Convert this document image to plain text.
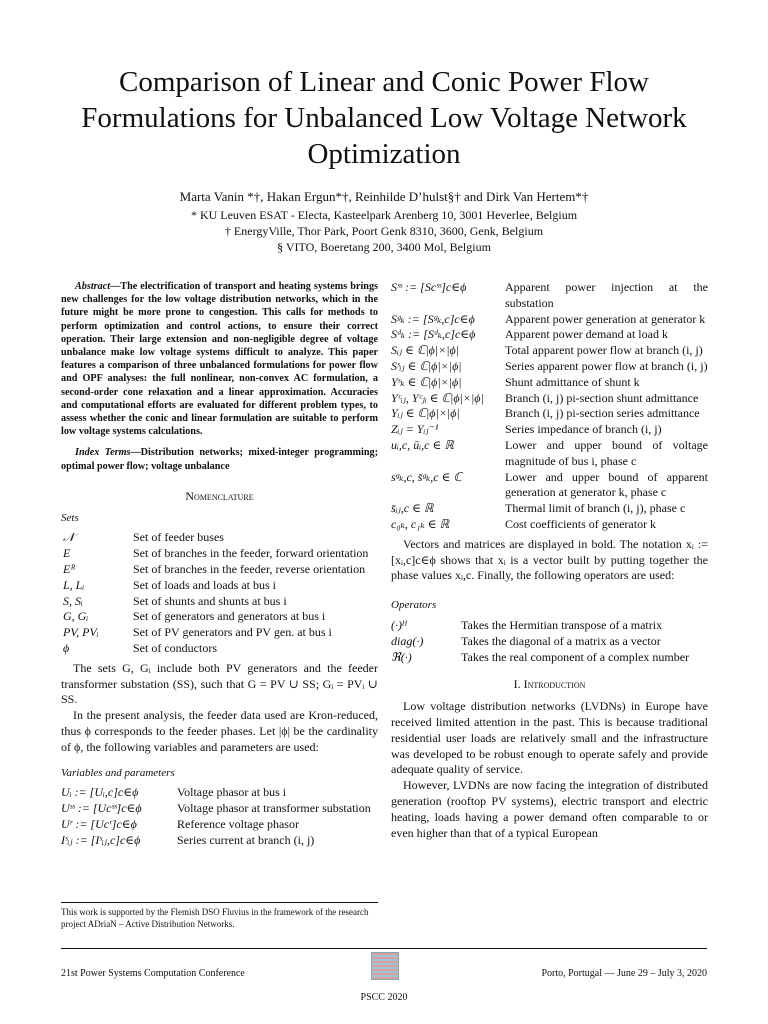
Comparison of Linear and Conic Power Flow Formulations for Unbalanced Low Voltage Network Optimization
Marta Vanin *†, Hakan Ergun*†, Reinhilde D’hulst§† and Dirk Van Hertem*†
* KU Leuven ESAT - Electa, Kasteelpark Arenberg 10, 3001 Heverlee, Belgium
† EnergyVille, Thor Park, Poort Genk 8310, 3600, Genk, Belgium
§ VITO, Boeretang 200, 3400 Mol, Belgium

Abstract—The electrification of transport and heating systems brings new challenges for the low voltage distribution networks, which in the future might be more prone to congestion. This calls for methods to perform optimization and control actions, to ensure their correct operation. Their large extension and non-negligible degree of voltage unbalance make low voltage systems difficult to analyze. This paper features a comparison of three unbalanced formulations for power flow and OPF analyses: the full nonlinear, non-convex AC formulation, a second-order cone relaxation and a linear approximation. Accuracies and computational efforts are evaluated for different problem types, to assess whether the conic and linear formulation are suitable to perform low voltage systems calculations.

Index Terms—Distribution networks; mixed-integer programming; optimal power flow; voltage unbalance

Nomenclature
Sets
𝒩	Set of feeder buses
E	Set of branches in the feeder, forward orientation
Eᴿ	Set of branches in the feeder, reverse orientation
L, Lᵢ	Set of loads and loads at bus i
S, Sᵢ	Set of shunts and shunts at bus i
G, Gᵢ	Set of generators and generators at bus i
PV, PVᵢ	Set of PV generators and PV gen. at bus i
ϕ	Set of conductors

The sets G, Gᵢ include both PV generators and the feeder transformer substation (SS), such that G = PV ∪ SS; Gᵢ = PVᵢ ∪ SS.

In the present analysis, the feeder data used are Kron-reduced, thus ϕ corresponds to the feeder phases. Let |ϕ| be the cardinality of ϕ, the following variables and parameters are used:

Variables and parameters
Uᵢ := [Uᵢ,c]c∈ϕ	Voltage phasor at bus i
Uˢˢ := [Ucˢˢ]c∈ϕ	Voltage phasor at transformer substation
Uʳ := [Ucʳ]c∈ϕ	Reference voltage phasor
Iˢᵢⱼ := [Iˢᵢⱼ,c]c∈ϕ	Series current at branch (i, j)
This work is supported by the Flemish DSO Fluvius in the framework of the research project AD​riaN – Active Distribution Networks.
Sˢˢ := [Scˢˢ]c∈ϕ	Apparent power injection at the substation
Sᵍₖ := [Sᵍₖ,c]c∈ϕ	Apparent power generation at generator k
Sᵈₖ := [Sᵈₖ,c]c∈ϕ	Apparent power demand at load k
Sᵢⱼ ∈ ℂ|ϕ|×|ϕ|	Total apparent power flow at branch (i, j)
Sˢᵢⱼ ∈ ℂ|ϕ|×|ϕ|	Series apparent power flow at branch (i, j)
Yˢₖ ∈ ℂ|ϕ|×|ϕ|	Shunt admittance of shunt k
Yᶜᵢⱼ, Yᶜⱼᵢ ∈ ℂ|ϕ|×|ϕ|	Branch (i, j) pi-section shunt admittance
Yᵢⱼ ∈ ℂ|ϕ|×|ϕ|	Branch (i, j) pi-section series admittance
Zᵢⱼ = Yᵢⱼ⁻¹	Series impedance of branch (i, j)
uᵢ,c, ūᵢ,c ∈ ℝ	Lower and upper bound of voltage magnitude of bus i, phase c
sᵍₖ,c, s̄ᵍₖ,c ∈ ℂ	Lower and upper bound of apparent generation at generator k, phase c
s̄ᵢⱼ,c ∈ ℝ	Thermal limit of branch (i, j), phase c
c₀ₖ, c₁ₖ ∈ ℝ	Cost coefficients of generator k

Vectors and matrices are displayed in bold. The notation xᵢ := [xᵢ,c]c∈ϕ shows that xᵢ is a vector built by putting together the phase values xᵢ,c. Finally, the following operators are used:

Operators
(·)ᴴ	Takes the Hermitian transpose of a matrix
diag(·)	Takes the diagonal of a matrix as a vector
ℜ(·)	Takes the real component of a complex number
I. Introduction

Low voltage distribution networks (LVDNs) in Europe have received limited attention in the past. This is because traditional residential user loads are relatively small and the infrastructure was developed to be robust enough to operate safely and provide adequate quality of service.

However, LVDNs are now facing the integration of distributed generation (rooftop PV systems), electric transport and electric heating, loads having a power demand often comparable to or even higher than that of a typical European

21st Power Systems Computation Conference	Porto, Portugal — June 29 – July 3, 2020
PSCC 2020
